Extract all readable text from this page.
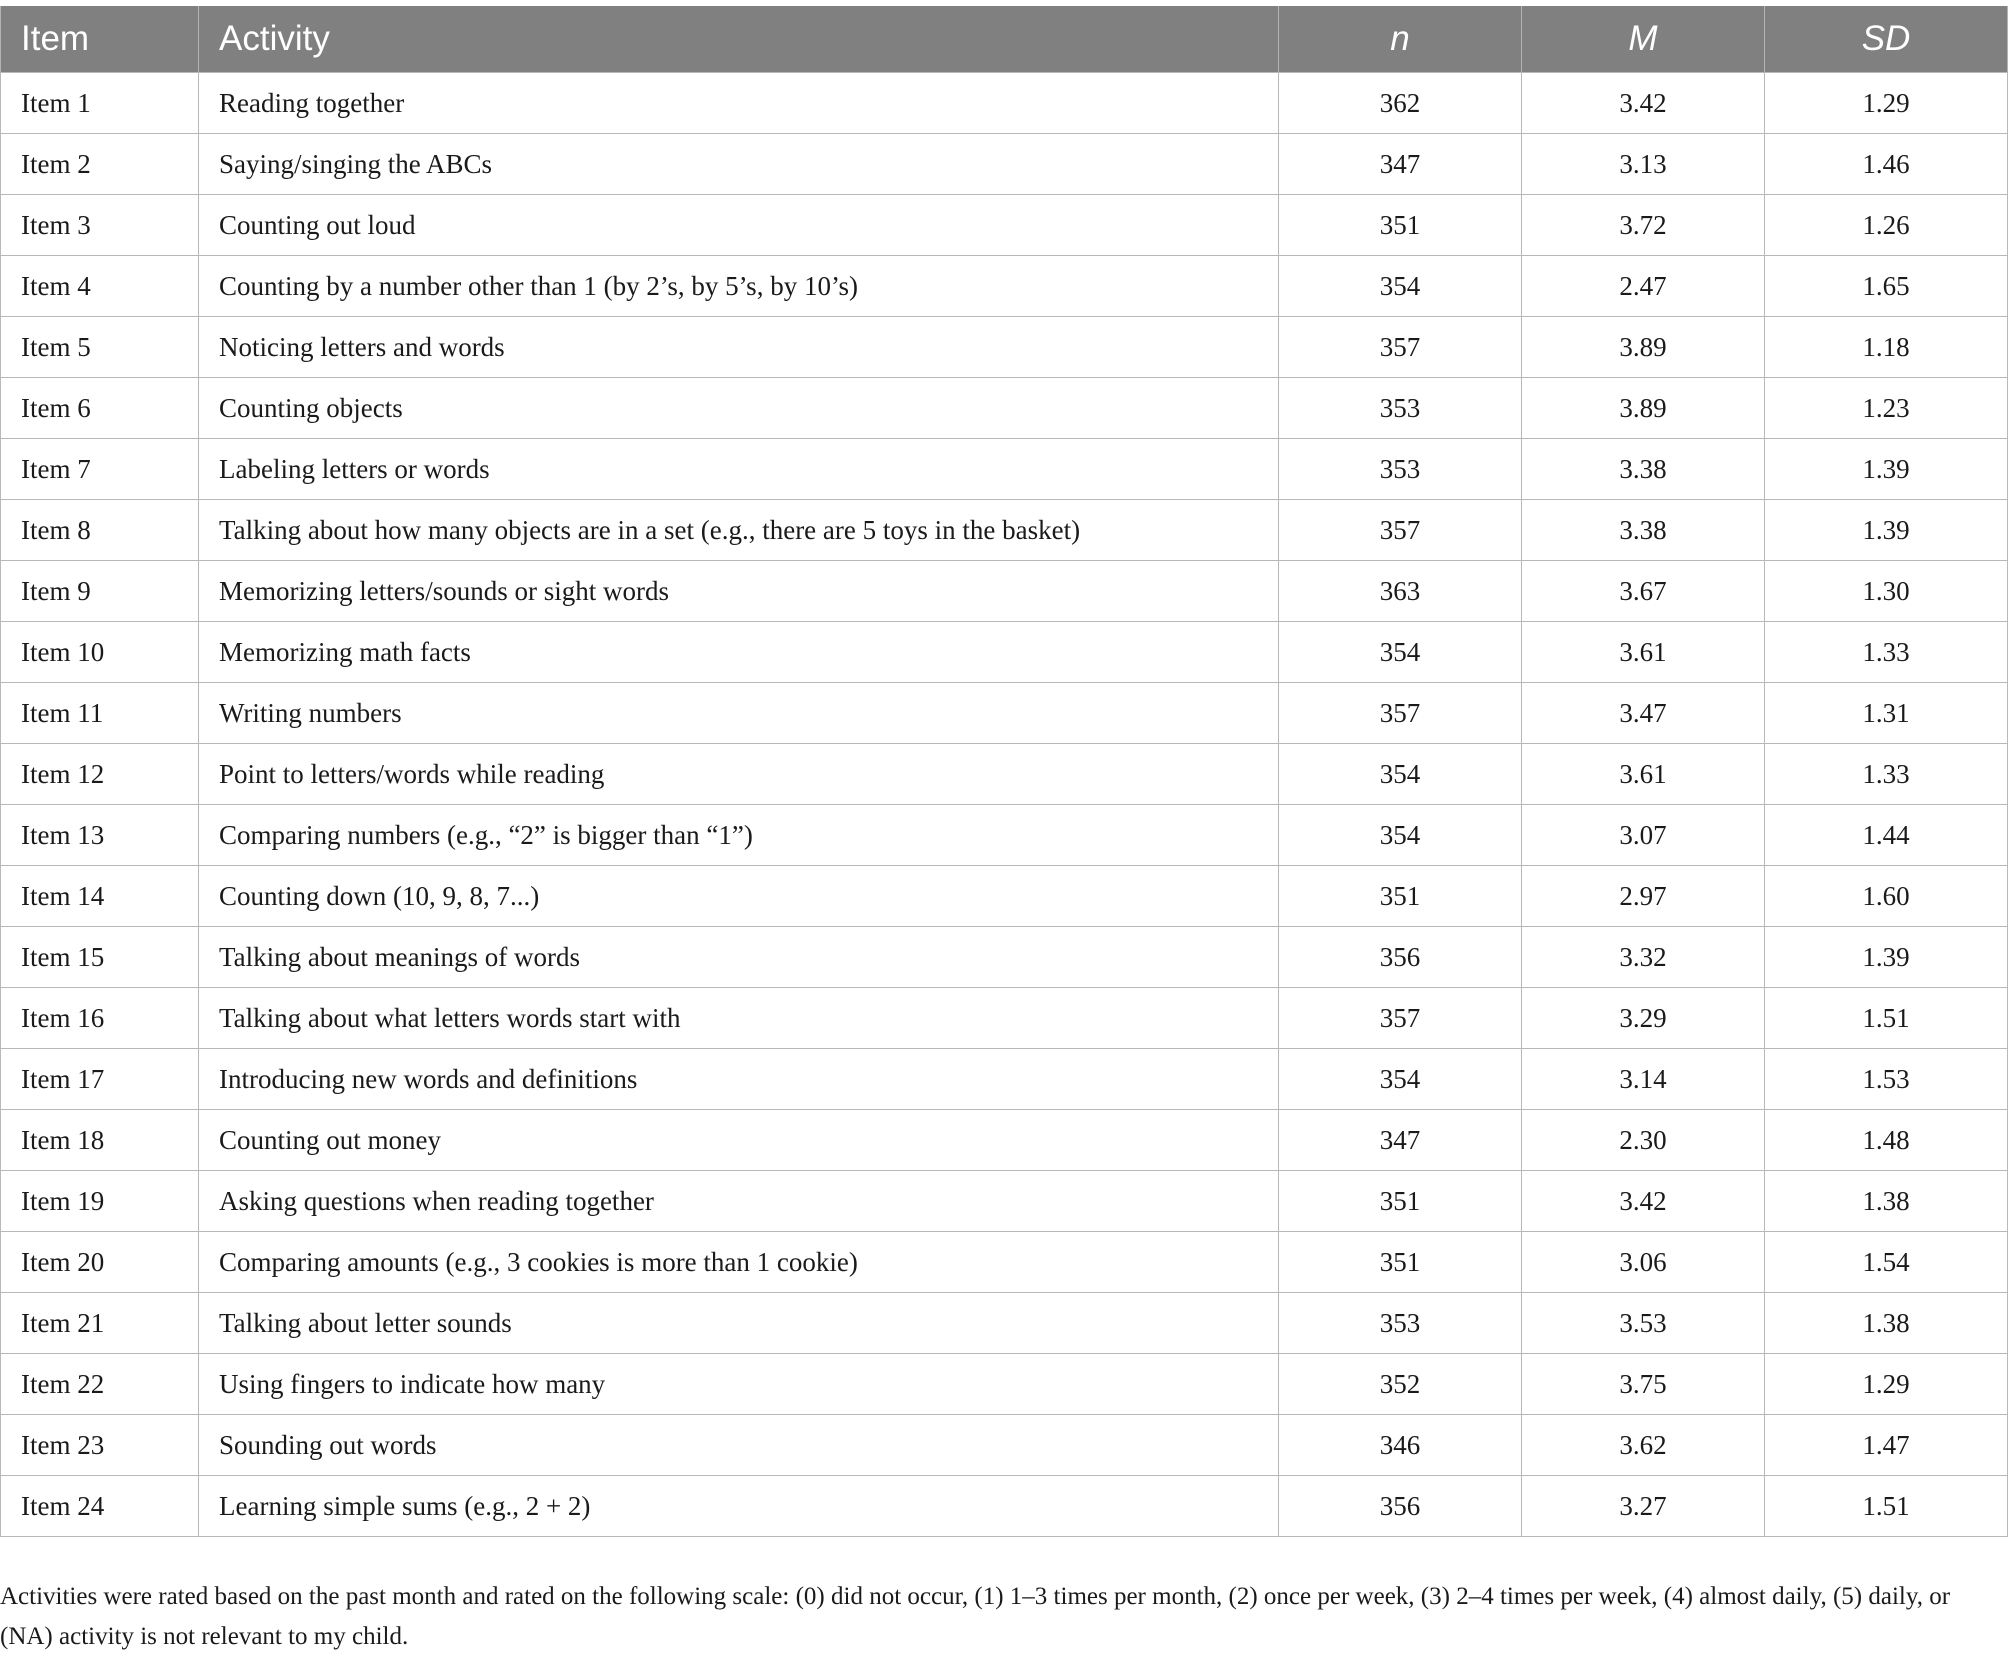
Item	Activity	n	M	SD
Item 1	Reading together	362	3.42	1.29
Item 2	Saying/singing the ABCs	347	3.13	1.46
Item 3	Counting out loud	351	3.72	1.26
Item 4	Counting by a number other than 1 (by 2’s, by 5’s, by 10’s)	354	2.47	1.65
Item 5	Noticing letters and words	357	3.89	1.18
Item 6	Counting objects	353	3.89	1.23
Item 7	Labeling letters or words	353	3.38	1.39
Item 8	Talking about how many objects are in a set (e.g., there are 5 toys in the basket)	357	3.38	1.39
Item 9	Memorizing letters/sounds or sight words	363	3.67	1.30
Item 10	Memorizing math facts	354	3.61	1.33
Item 11	Writing numbers	357	3.47	1.31
Item 12	Point to letters/words while reading	354	3.61	1.33
Item 13	Comparing numbers (e.g., “2” is bigger than “1”)	354	3.07	1.44
Item 14	Counting down (10, 9, 8, 7...)	351	2.97	1.60
Item 15	Talking about meanings of words	356	3.32	1.39
Item 16	Talking about what letters words start with	357	3.29	1.51
Item 17	Introducing new words and definitions	354	3.14	1.53
Item 18	Counting out money	347	2.30	1.48
Item 19	Asking questions when reading together	351	3.42	1.38
Item 20	Comparing amounts (e.g., 3 cookies is more than 1 cookie)	351	3.06	1.54
Item 21	Talking about letter sounds	353	3.53	1.38
Item 22	Using fingers to indicate how many	352	3.75	1.29
Item 23	Sounding out words	346	3.62	1.47
Item 24	Learning simple sums (e.g., 2 + 2)	356	3.27	1.51
Activities were rated based on the past month and rated on the following scale: (0) did not occur, (1) 1–3 times per month, (2) once per week, (3) 2–4 times per week, (4) almost daily, (5) daily, or (NA) activity is not relevant to my child.
